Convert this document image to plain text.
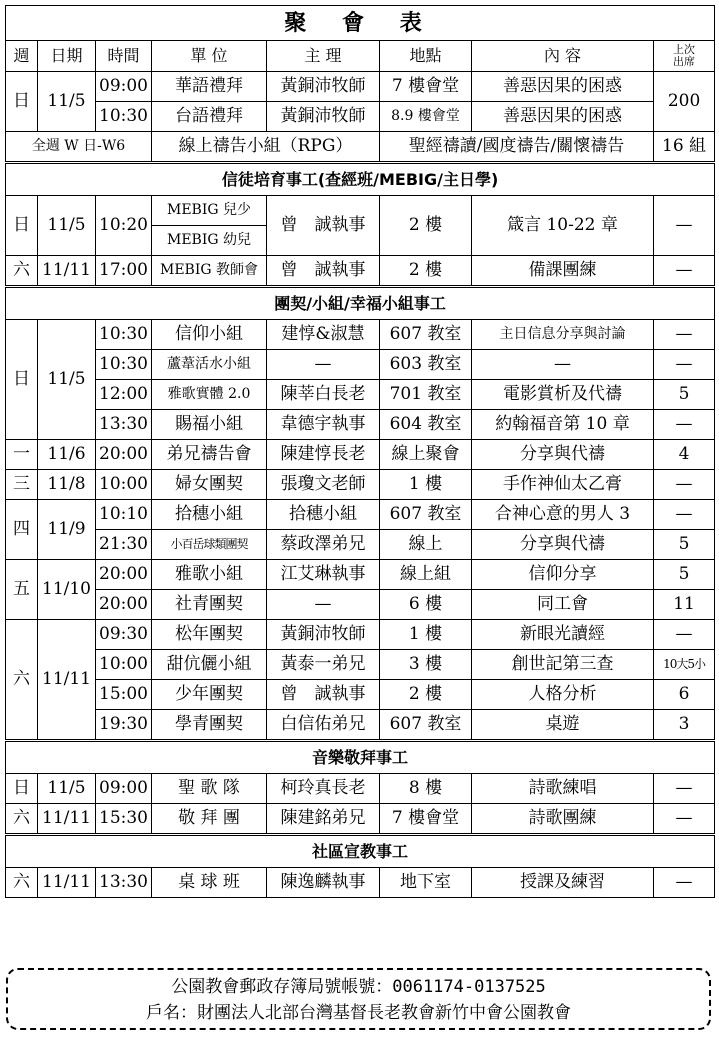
聚 會 表							
週	日期	時間	單 位	主 理	地點	內 容	上次
出席
日	11/5	09:00	華語禮拜	黃銅沛牧師	7 樓會堂	善惡因果的困惑	200
		10:30	台語禮拜	黃銅沛牧師	8.9 樓會堂	善惡因果的困惑	
全週 W 日-W6			線上禱告小組（RPG）		聖經禱讀/國度禱告/關懷禱告		16 組
信徒培育事工(查經班/MEBIG/主日學)							
日	11/5	10:20	MEBIG 兒少	曾　誠執事	2 樓	箴言 10-22 章	—
			MEBIG 幼兒				
六	11/11	17:00	MEBIG 教師會	曾　誠執事	2 樓	備課團練	—
團契/小組/幸福小組事工							
日	11/5	10:30	信仰小組	建惇&淑慧	607 教室	主日信息分享與討論	—
		10:30	蘆葦活水小組	—	603 教室	—	—
		12:00	雅歌實體 2.0	陳莘白長老	701 教室	電影賞析及代禱	5
		13:30	賜福小組	韋德宇執事	604 教室	約翰福音第 10 章	—
一	11/6	20:00	弟兄禱告會	陳建惇長老	線上聚會	分享與代禱	4
三	11/8	10:00	婦女團契	張瓊文老師	1 樓	手作神仙太乙膏	—
四	11/9	10:10	拾穗小組	拾穗小組	607 教室	合神心意的男人 3	—
		21:30	小百岳球類團契	蔡政澤弟兄	線上	分享與代禱	5
五	11/10	20:00	雅歌小組	江艾琳執事	線上組	信仰分享	5
		20:00	社青團契	—	6 樓	同工會	11
六	11/11	09:30	松年團契	黃銅沛牧師	1 樓	新眼光讀經	—
		10:00	甜伉儷小組	黃泰一弟兄	3 樓	創世記第三查	10大5小
		15:00	少年團契	曾　誠執事	2 樓	人格分析	6
		19:30	學青團契	白信佑弟兄	607 教室	桌遊	3
音樂敬拜事工							
日	11/5	09:00	聖 歌 隊	柯玲真長老	8 樓	詩歌練唱	—
六	11/11	15:30	敬 拜 團	陳建銘弟兄	7 樓會堂	詩歌團練	—
社區宣教事工							
六	11/11	13:30	桌 球 班	陳逸麟執事	地下室	授課及練習	—
公園教會郵政存簿局號帳號：0061174-0137525
戶名：財團法人北部台灣基督長老教會新竹中會公園教會
